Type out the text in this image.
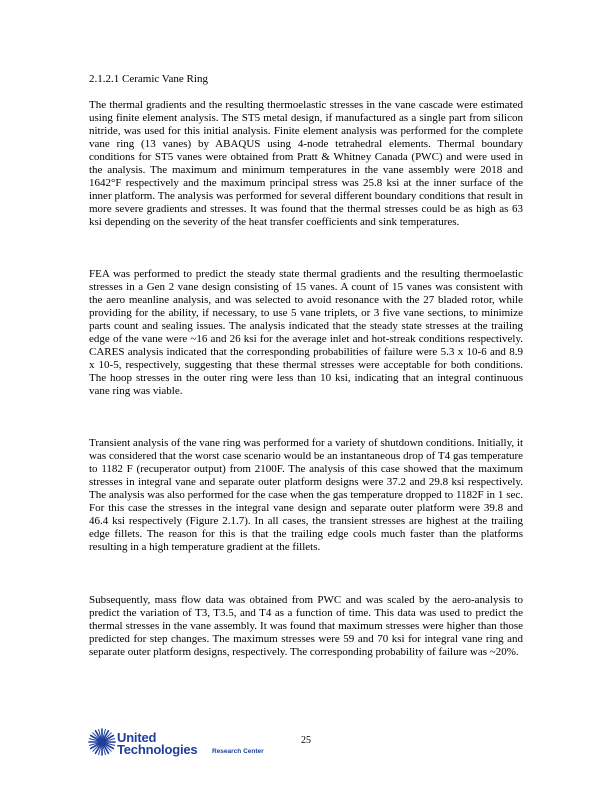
2.1.2.1 Ceramic Vane Ring

The thermal gradients and the resulting thermoelastic stresses in the vane cascade were estimated using finite element analysis. The ST5 metal design, if manufactured as a single part from silicon nitride, was used for this initial analysis. Finite element analysis was performed for the complete vane ring (13 vanes) by ABAQUS using 4-node tetrahedral elements. Thermal boundary conditions for ST5 vanes were obtained from Pratt & Whitney Canada (PWC) and were used in the analysis. The maximum and minimum temperatures in the vane assembly were 2018 and 1642°F respectively and the maximum principal stress was 25.8 ksi at the inner surface of the inner platform. The analysis was performed for several different boundary conditions that result in more severe gradients and stresses. It was found that the thermal stresses could be as high as 63 ksi depending on the severity of the heat transfer coefficients and sink temperatures.

FEA was performed to predict the steady state thermal gradients and the resulting thermoelastic stresses in a Gen 2 vane design consisting of 15 vanes. A count of 15 vanes was consistent with the aero meanline analysis, and was selected to avoid resonance with the 27 bladed rotor, while providing for the ability, if necessary, to use 5 vane triplets, or 3 five vane sections, to minimize parts count and sealing issues. The analysis indicated that the steady state stresses at the trailing edge of the vane were ~16 and 26 ksi for the average inlet and hot-streak conditions respectively. CARES analysis indicated that the corresponding probabilities of failure were 5.3 x 10-6 and 8.9 x 10-5, respectively, suggesting that these thermal stresses were acceptable for both conditions. The hoop stresses in the outer ring were less than 10 ksi, indicating that an integral continuous vane ring was viable.

Transient analysis of the vane ring was performed for a variety of shutdown conditions. Initially, it was considered that the worst case scenario would be an instantaneous drop of T4 gas temperature to 1182 F (recuperator output) from 2100F. The analysis of this case showed that the maximum stresses in integral vane and separate outer platform designs were 37.2 and 29.8 ksi respectively. The analysis was also performed for the case when the gas temperature dropped to 1182F in 1 sec. For this case the stresses in the integral vane design and separate outer platform were 39.8 and 46.4 ksi respectively (Figure 2.1.7). In all cases, the transient stresses are highest at the trailing edge fillets. The reason for this is that the trailing edge cools much faster than the platforms resulting in a high temperature gradient at the fillets.

Subsequently, mass flow data was obtained from PWC and was scaled by the aero-analysis to predict the variation of T3, T3.5, and T4 as a function of time. This data was used to predict the thermal stresses in the vane assembly. It was found that maximum stresses were higher than those predicted for step changes. The maximum stresses were 59 and 70 ksi for integral vane ring and separate outer platform designs, respectively. The corresponding probability of failure was ~20%.

United
Technologies Research Center
25
